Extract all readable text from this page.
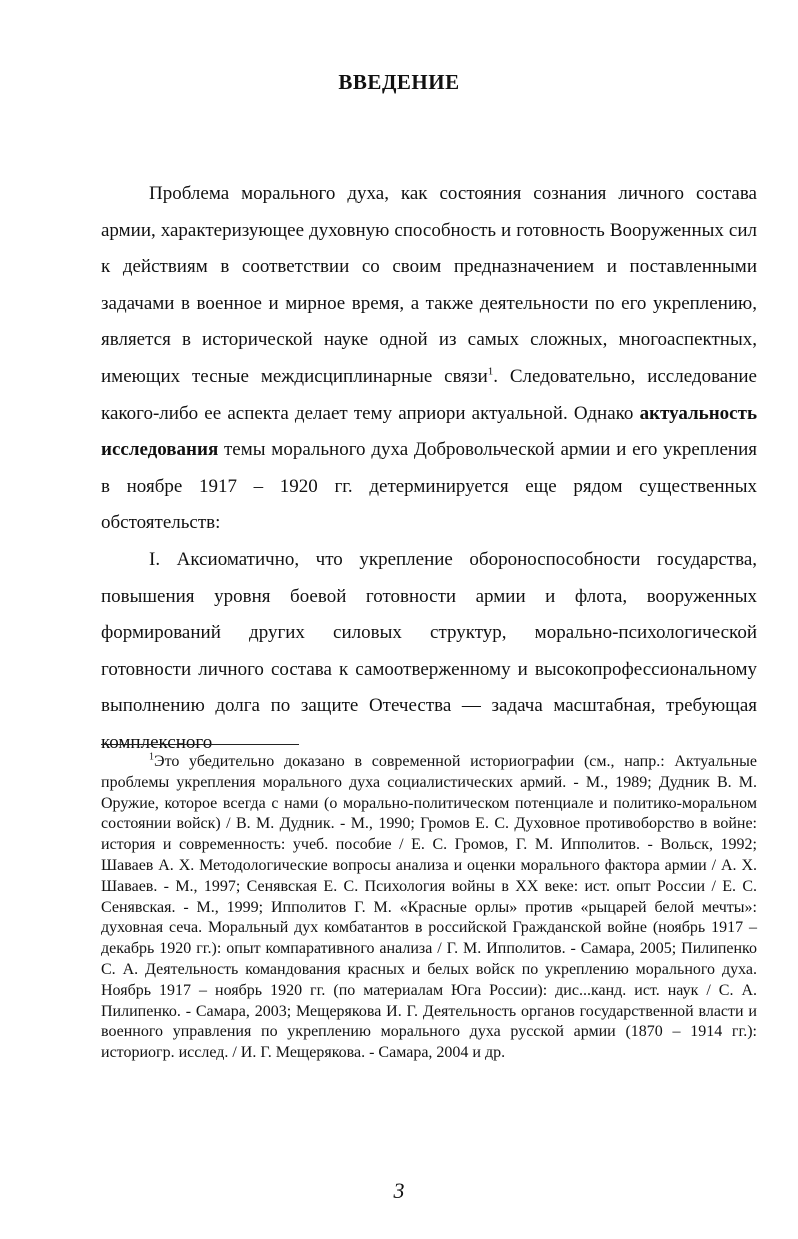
ВВЕДЕНИЕ

Проблема морального духа, как состояния сознания личного состава армии, характеризующее духовную способность и готовность Вооруженных сил к действиям в соответствии со своим предназначением и поставленными задачами в военное и мирное время, а также деятельности по его укреплению, является в исторической науке одной из самых сложных, многоаспектных, имеющих тесные междисциплинарные связи$^1$. Следовательно, исследование какого-либо ее аспекта делает тему априори актуальной. Однако актуальность исследования темы морального духа Добровольческой армии и его укрепления в ноябре 1917 – 1920 гг. детерминируется еще рядом существенных обстоятельств:

I. Аксиоматично, что укрепление обороноспособности государства, повышения уровня боевой готовности армии и флота, вооруженных формирований других силовых структур, морально-психологической готовности личного состава к самоотверженному и высокопрофессиональному выполнению долга по защите Отечества — задача масштабная, требующая комплексного

$^1$Это убедительно доказано в современной историографии (см., напр.: Актуальные проблемы укрепления морального духа социалистических армий. - М., 1989; Дудник В. М. Оружие, которое всегда с нами (о морально-политическом потенциале и политико-моральном состоянии войск) / В. М. Дудник. - М., 1990; Громов Е. С. Духовное противоборство в войне: история и современность: учеб. пособие / Е. С. Громов, Г. М. Ипполитов. - Вольск, 1992; Шаваев А. Х. Методологические вопросы анализа и оценки морального фактора армии / А. Х. Шаваев. - М., 1997; Сенявская Е. С. Психология войны в XX веке: ист. опыт России / Е. С. Сенявская. - М., 1999; Ипполитов Г. М. «Красные орлы» против «рыцарей белой мечты»: духовная сеча. Моральный дух комбатантов в российской Гражданской войне (ноябрь 1917 – декабрь 1920 гг.): опыт компаративного анализа / Г. М. Ипполитов. - Самара, 2005; Пилипенко С. А. Деятельность командования красных и белых войск по укреплению морального духа. Ноябрь 1917 – ноябрь 1920 гг. (по материалам Юга России): дис...канд. ист. наук / С. А. Пилипенко. - Самара, 2003; Мещерякова И. Г. Деятельность органов государственной власти и военного управления по укреплению морального духа русской армии (1870 – 1914 гг.): историогр. исслед. / И. Г. Мещерякова. - Самара, 2004 и др.

3
